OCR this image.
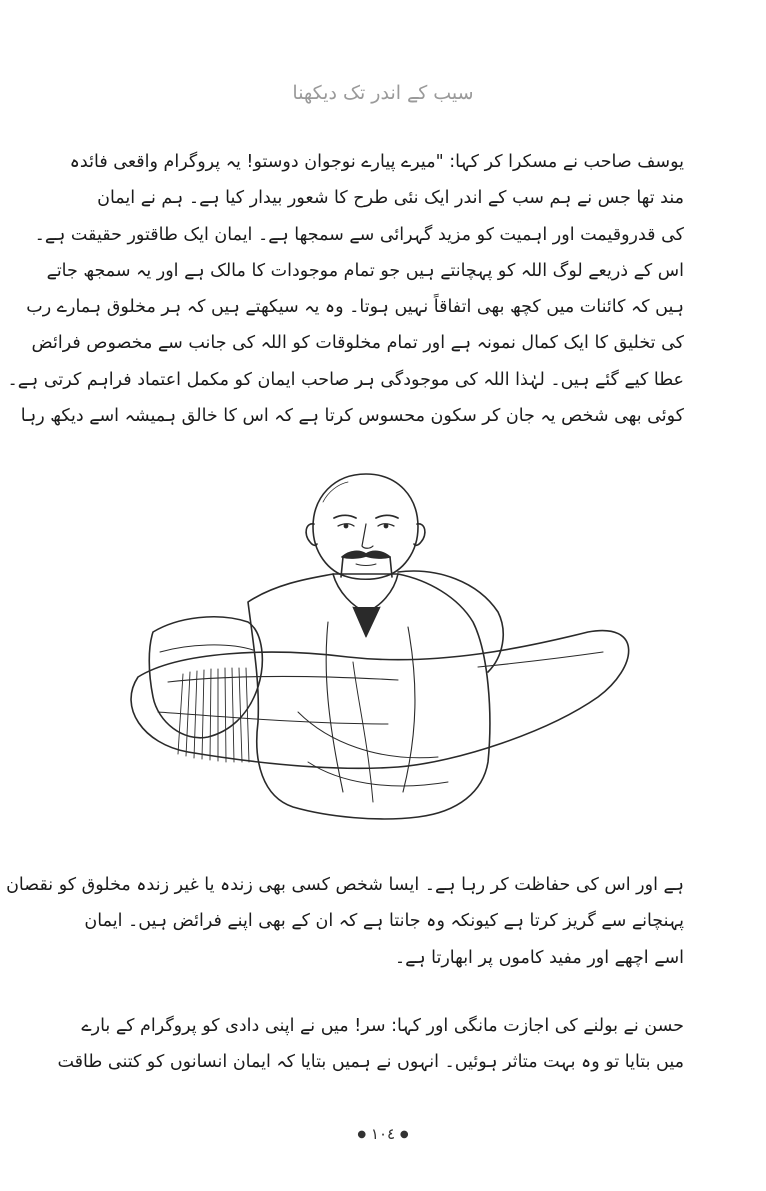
سیب کے اندر تک دیکھنا
یوسف صاحب نے مسکرا کر کہا: "میرے پیارے نوجوان دوستو! یہ پروگرام واقعی فائدہ
مند تھا جس نے ہم سب کے اندر ایک نئی طرح کا شعور بیدار کیا ہے۔ ہم نے ایمان
کی قدروقیمت اور اہمیت کو مزید گہرائی سے سمجھا ہے۔ ایمان ایک طاقتور حقیقت ہے۔
اس کے ذریعے لوگ اللہ کو پہچانتے ہیں جو تمام موجودات کا مالک ہے اور یہ سمجھ جاتے
ہیں کہ کائنات میں کچھ بھی اتفاقاً نہیں ہوتا۔ وہ یہ سیکھتے ہیں کہ ہر مخلوق ہمارے رب
کی تخلیق کا ایک کمال نمونہ ہے اور تمام مخلوقات کو اللہ کی جانب سے مخصوص فرائض
عطا کیے گئے ہیں۔ لہٰذا اللہ کی موجودگی ہر صاحب ایمان کو مکمل اعتماد فراہم کرتی ہے۔
کوئی بھی شخص یہ جان کر سکون محسوس کرتا ہے کہ اس کا خالق ہمیشہ اسے دیکھ رہا
ہے اور اس کی حفاظت کر رہا ہے۔ ایسا شخص کسی بھی زندہ یا غیر زندہ مخلوق کو نقصان
پہنچانے سے گریز کرتا ہے کیونکہ وہ جانتا ہے کہ ان کے بھی اپنے فرائض ہیں۔ ایمان
اسے اچھے اور مفید کاموں پر ابھارتا ہے۔
حسن نے بولنے کی اجازت مانگی اور کہا: سر! میں نے اپنی دادی کو پروگرام کے بارے
میں بتایا تو وہ بہت متاثر ہوئیں۔ انہوں نے ہمیں بتایا کہ ایمان انسانوں کو کتنی طاقت
● ١٠٤ ●
